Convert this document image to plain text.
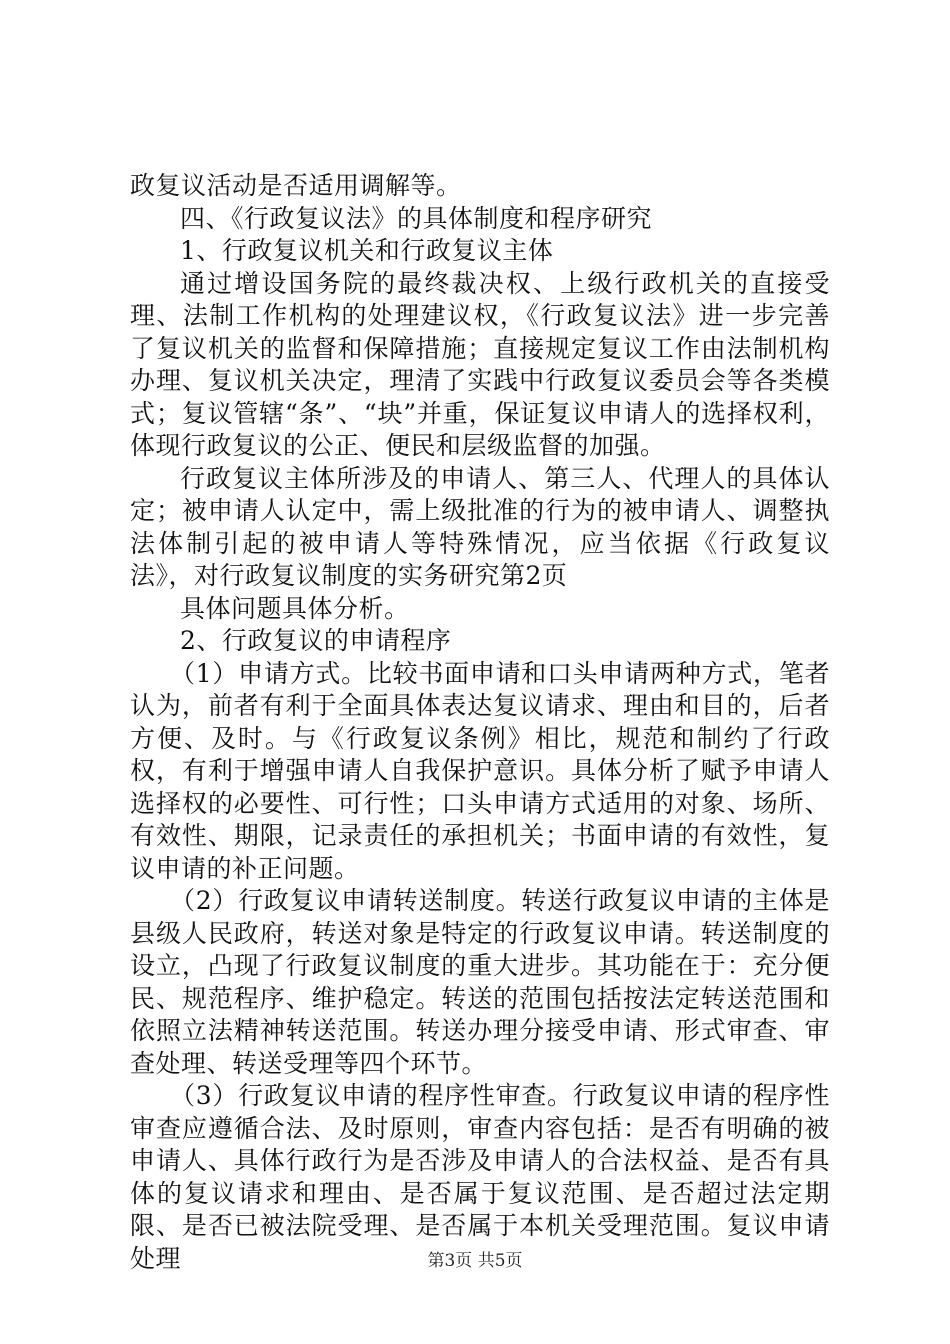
政复议活动是否适用调解等。

四、《行政复议法》的具体制度和程序研究

1、行政复议机关和行政复议主体

通过增设国务院的最终裁决权、上级行政机关的直接受理、法制工作机构的处理建议权，《行政复议法》进一步完善了复议机关的监督和保障措施；直接规定复议工作由法制机构办理、复议机关决定，理清了实践中行政复议委员会等各类模式；复议管辖“条”、“块”并重，保证复议申请人的选择权利，体现行政复议的公正、便民和层级监督的加强。

行政复议主体所涉及的申请人、第三人、代理人的具体认定；被申请人认定中，需上级批准的行为的被申请人、调整执法体制引起的被申请人等特殊情况，应当依据《行政复议法》，对行政复议制度的实务研究第2页

具体问题具体分析。

2、行政复议的申请程序

（1）申请方式。比较书面申请和口头申请两种方式，笔者认为，前者有利于全面具体表达复议请求、理由和目的，后者方便、及时。与《行政复议条例》相比，规范和制约了行政权，有利于增强申请人自我保护意识。具体分析了赋予申请人选择权的必要性、可行性；口头申请方式适用的对象、场所、有效性、期限，记录责任的承担机关；书面申请的有效性，复议申请的补正问题。

（2）行政复议申请转送制度。转送行政复议申请的主体是县级人民政府，转送对象是特定的行政复议申请。转送制度的设立，凸现了行政复议制度的重大进步。其功能在于：充分便民、规范程序、维护稳定。转送的范围包括按法定转送范围和依照立法精神转送范围。转送办理分接受申请、形式审查、审查处理、转送受理等四个环节。

（3）行政复议申请的程序性审查。行政复议申请的程序性审查应遵循合法、及时原则，审查内容包括：是否有明确的被申请人、具体行政行为是否涉及申请人的合法权益、是否有具体的复议请求和理由、是否属于复议范围、是否超过法定期限、是否已被法院受理、是否属于本机关受理范围。复议申请处理	第3页 共5页
